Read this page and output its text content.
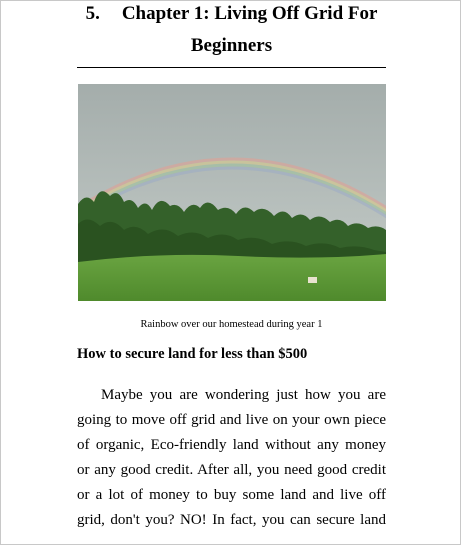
5. Chapter 1: Living Off Grid For
Beginners
Rainbow over our homestead during year 1
How to secure land for less than $500
Maybe you are wondering just how you are
going to move off grid and live on your own piece
of organic, Eco-friendly land without any money
or any good credit. After all, you need good credit
or a lot of money to buy some land and live off
grid, don't you? NO! In fact, you can secure land
